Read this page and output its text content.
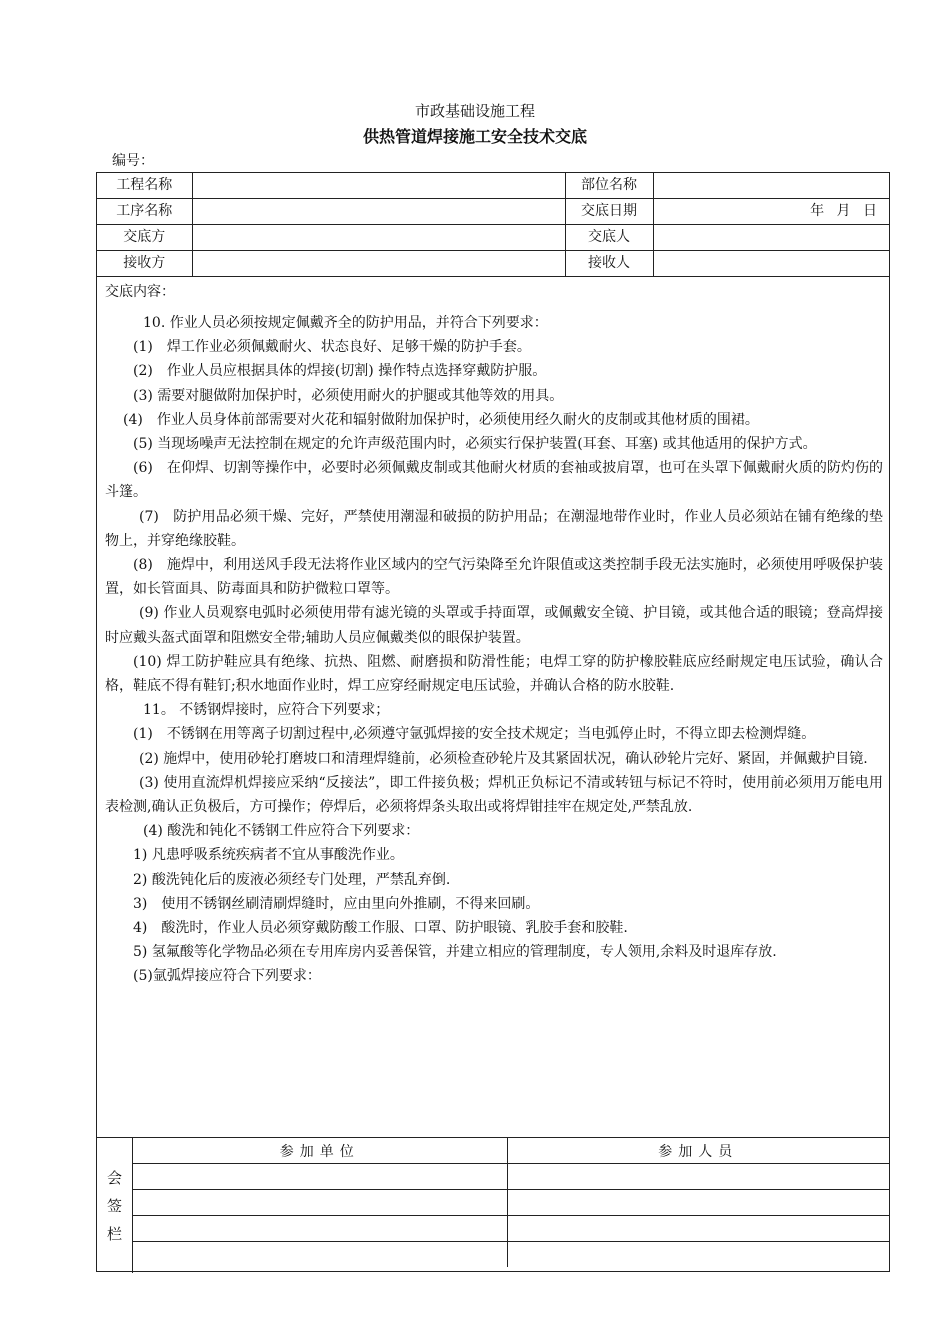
市政基础设施工程
供热管道焊接施工安全技术交底
编号：
工程名称		部位名称	
工序名称		交底日期	年 月 日
交底方		交底人	
接收方		接收人	
交底内容：

10. 作业人员必须按规定佩戴齐全的防护用品，并符合下列要求：

(1)　焊工作业必须佩戴耐火、状态良好、足够干燥的防护手套。

(2)　作业人员应根据具体的焊接(切割) 操作特点选择穿戴防护服。

(3) 需要对腿做附加保护时，必须使用耐火的护腿或其他等效的用具。

(4)　作业人员身体前部需要对火花和辐射做附加保护时，必须使用经久耐火的皮制或其他材质的围裙。

(5) 当现场噪声无法控制在规定的允许声级范围内时，必须实行保护装置(耳套、耳塞) 或其他适用的保护方式。

(6)　在仰焊、切割等操作中，必要时必须佩戴皮制或其他耐火材质的套袖或披肩罩，也可在头罩下佩戴耐火质的防灼伤的斗篷。

(7)　防护用品必须干燥、完好，严禁使用潮湿和破损的防护用品；在潮湿地带作业时，作业人员必须站在铺有绝缘的垫物上，并穿绝缘胶鞋。

(8)　施焊中，利用送风手段无法将作业区域内的空气污染降至允许限值或这类控制手段无法实施时，必须使用呼吸保护装置，如长管面具、防毒面具和防护微粒口罩等。

(9) 作业人员观察电弧时必须使用带有滤光镜的头罩或手持面罩，或佩戴安全镜、护目镜，或其他合适的眼镜；登高焊接时应戴头盔式面罩和阻燃安全带;辅助人员应佩戴类似的眼保护装置。

(10) 焊工防护鞋应具有绝缘、抗热、阻燃、耐磨损和防滑性能；电焊工穿的防护橡胶鞋底应经耐规定电压试验，确认合格，鞋底不得有鞋钉;积水地面作业时，焊工应穿经耐规定电压试验，并确认合格的防水胶鞋.

11。 不锈钢焊接时，应符合下列要求；

(1)　不锈钢在用等离子切割过程中,必须遵守氩弧焊接的安全技术规定；当电弧停止时，不得立即去检测焊缝。

(2) 施焊中，使用砂轮打磨坡口和清理焊缝前，必须检查砂轮片及其紧固状况，确认砂轮片完好、紧固，并佩戴护目镜.

(3) 使用直流焊机焊接应采纳“反接法”，即工件接负极；焊机正负标记不清或转钮与标记不符时，使用前必须用万能电用表检测,确认正负极后，方可操作；停焊后，必须将焊条头取出或将焊钳挂牢在规定处,严禁乱放.

(4) 酸洗和钝化不锈钢工件应符合下列要求：

1) 凡患呼吸系统疾病者不宜从事酸洗作业。

2) 酸洗钝化后的废液必须经专门处理，严禁乱弃倒.

3)　使用不锈钢丝刷清刷焊缝时，应由里向外推刷，不得来回刷。

4)　酸洗时，作业人员必须穿戴防酸工作服、口罩、防护眼镜、乳胶手套和胶鞋.

5) 氢氟酸等化学物品必须在专用库房内妥善保管，并建立相应的管理制度，专人领用,余料及时退库存放.

(5)氩弧焊接应符合下列要求：

会
签
栏
参加单位	参加人员
